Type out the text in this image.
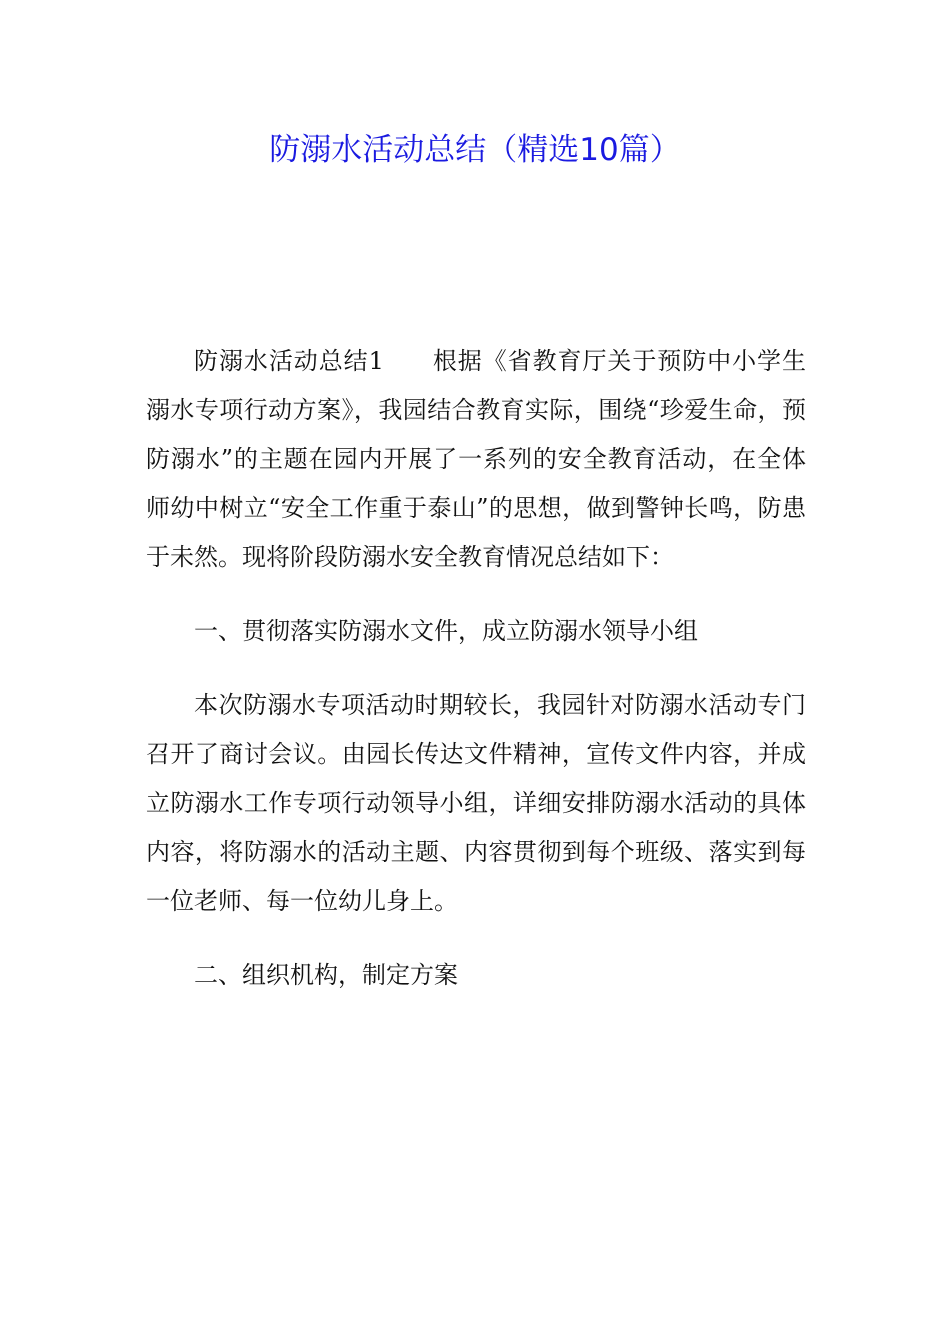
防溺水活动总结（精选10篇）

防溺水活动总结1 根据《省教育厅关于预防中小学生溺水专项行动方案》，我园结合教育实际，围绕“珍爱生命，预防溺水”的主题在园内开展了一系列的安全教育活动，在全体师幼中树立“安全工作重于泰山”的思想，做到警钟长鸣，防患于未然。现将阶段防溺水安全教育情况总结如下：

一、贯彻落实防溺水文件，成立防溺水领导小组

本次防溺水专项活动时期较长，我园针对防溺水活动专门召开了商讨会议。由园长传达文件精神，宣传文件内容，并成立防溺水工作专项行动领导小组，详细安排防溺水活动的具体内容，将防溺水的活动主题、内容贯彻到每个班级、落实到每一位老师、每一位幼儿身上。

二、组织机构，制定方案
